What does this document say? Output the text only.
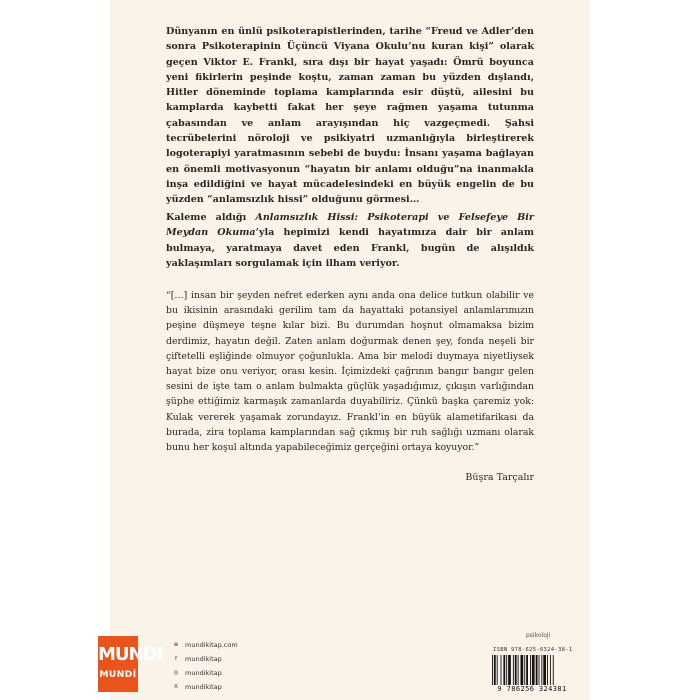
Dünyanın en ünlü psikoterapistlerinden, tarihe “Freud ve Adler’den sonra Psikoterapinin Üçüncü Viyana Okulu’nu kuran kişi” olarak geçen Viktor E. Frankl, sıra dışı bir hayat yaşadı: Ömrü boyunca yeni fikirlerin peşinde koştu, zaman zaman bu yüzden dışlandı, Hitler döneminde toplama kamplarında esir düştü, ailesini bu kamplarda kaybetti fakat her şeye rağmen yaşama tutunma çabasından ve anlam arayışından hiç vazgeçmedi. Şahsi tecrübelerini nöroloji ve psikiyatri uzmanlığıyla birleştirerek logoterapiyi yaratmasının sebebi de buydu: İnsanı yaşama bağlayan en önemli motivasyonun “hayatın bir anlamı olduğu”na inanmakla inşa edildiğini ve hayat mücadelesindeki en büyük engelin de bu yüzden “anlamsızlık hissi” olduğunu görmesi…
Kaleme aldığı Anlamsızlık Hissi: Psikoterapi ve Felsefeye Bir Meydan Okuma’yla hepimizi kendi hayatımıza dair bir anlam bulmaya, yaratmaya davet eden Frankl, bugün de alışıldık yaklaşımları sorgulamak için ilham veriyor.
“[…] insan bir şeyden nefret ederken aynı anda ona delice tutkun olabilir ve bu ikisinin arasındaki gerilim tam da hayattaki potansiyel anlamlarımızın peşine düşmeye teşne kılar bizi. Bu durumdan hoşnut olmamaksa bizim derdimiz, hayatın değil. Zaten anlam doğurmak denen şey, fonda neşeli bir çiftetelli eşliğinde olmuyor çoğunlukla. Ama bir melodi duymaya niyetliysek hayat bize onu veriyor, orası kesin. İçimizdeki çağrının bangır bangır gelen sesini de işte tam o anlam bulmakta güçlük yaşadığımız, çıkışın varlığından şüphe ettiğimiz karmaşık zamanlarda duyabiliriz. Çünkü başka çaremiz yok: Kulak vererek yaşamak zorundayız. Frankl’in en büyük alametifarikası da burada, zira toplama kamplarından sağ çıkmış bir ruh sağlığı uzmanı olarak bunu her koşul altında yapabileceğimiz gerçeğini ortaya koyuyor.”
Büşra Tarçalır
MUNDI
MUNDİ
⊕ mundikitap.com
f	mundikitap
◎ mundikitap
X	mundikitap
psikoloji
ISBN 978-625-6324-38-1
9 786256 324381
